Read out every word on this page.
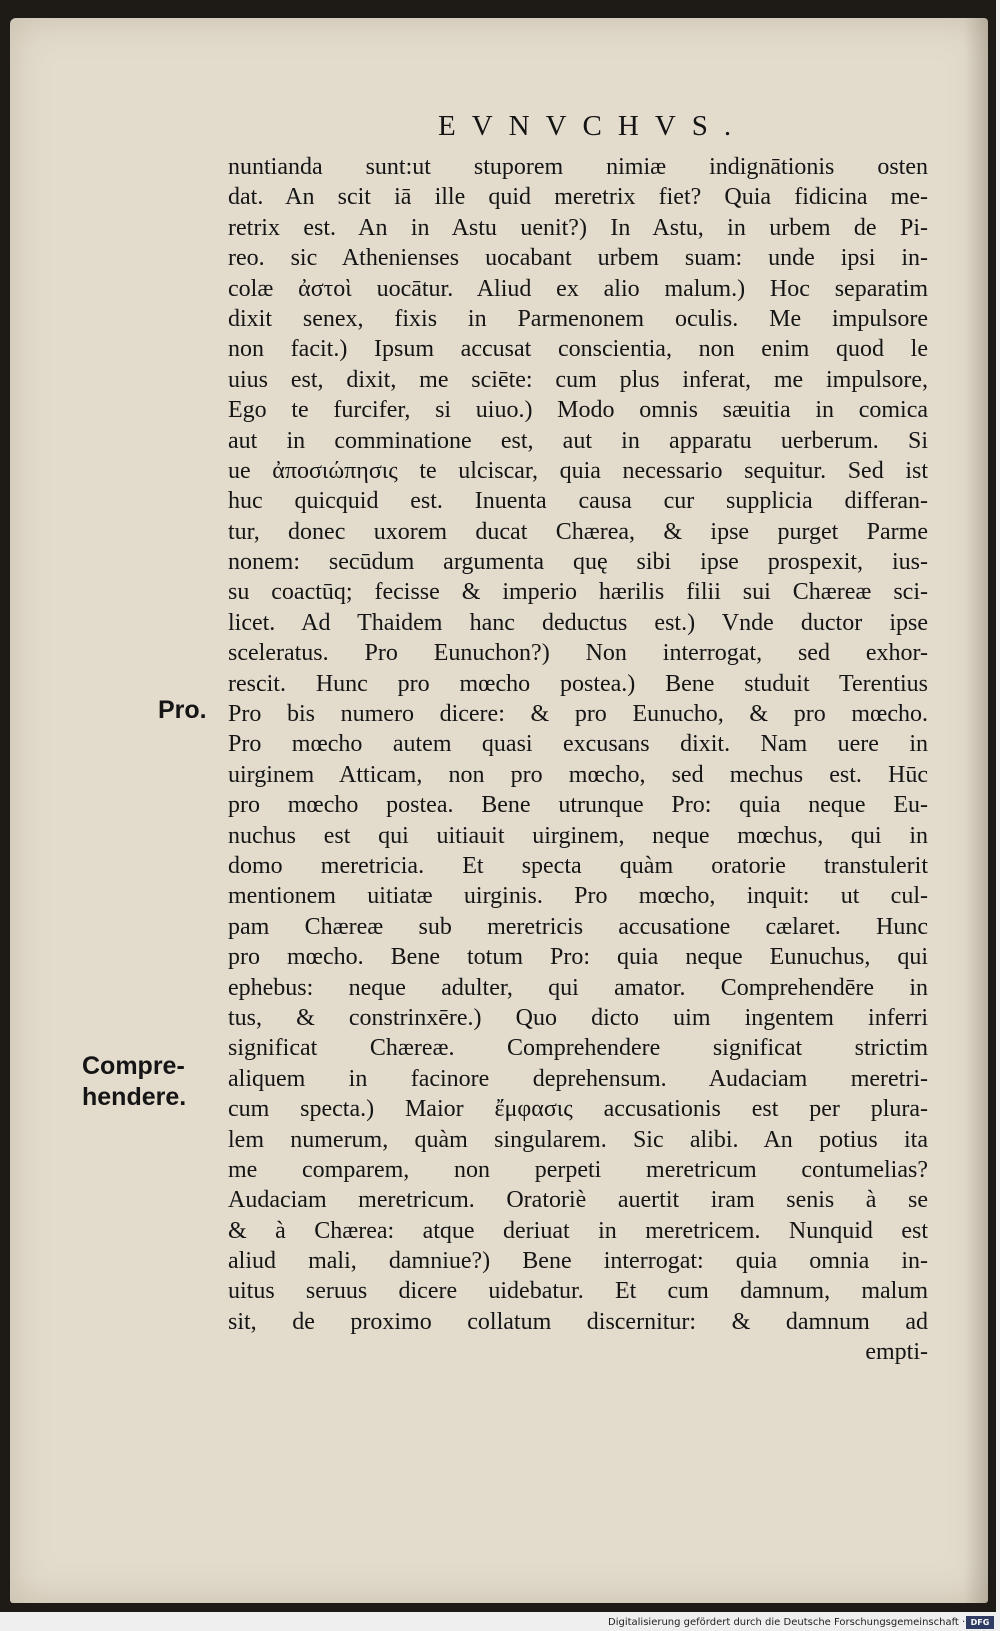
EVNVCHVS.
Pro.
Compre-
hendere.
nuntianda sunt:ut stuporem nimiæ indignātionis osten
dat. An scit iā ille quid meretrix fiet? Quia fidicina me-
retrix est. An in Astu uenit?) In Astu, in urbem de Pi-
reo. sic Athenienses uocabant urbem suam: unde ipsi in-
colæ ἀστοὶ uocātur. Aliud ex alio malum.) Hoc separatim
dixit senex, fixis in Parmenonem oculis. Me impulsore
non facit.) Ipsum accusat conscientia, non enim quod le
uius est, dixit, me sciēte: cum plus inferat, me impulsore,
Ego te furcifer, si uiuo.) Modo omnis sæuitia in comica
aut in comminatione est, aut in apparatu uerberum. Si
ue ἀποσιώπησις te ulciscar, quia necessario sequitur. Sed ist
huc quicquid est. Inuenta causa cur supplicia differan-
tur, donec uxorem ducat Chærea, & ipse purget Parme
nonem: secūdum argumenta quę sibi ipse prospexit, ius-
su coactūq; fecisse & imperio hærilis filii sui Chæreæ sci-
licet. Ad Thaidem hanc deductus est.) Vnde ductor ipse
sceleratus. Pro Eunuchon?) Non interrogat, sed exhor-
rescit. Hunc pro mœcho postea.) Bene studuit Terentius
Pro bis numero dicere: & pro Eunucho, & pro mœcho.
Pro mœcho autem quasi excusans dixit. Nam uere in
uirginem Atticam, non pro mœcho, sed mechus est. Hūc
pro mœcho postea. Bene utrunque Pro: quia neque Eu-
nuchus est qui uitiauit uirginem, neque mœchus, qui in
domo meretricia. Et specta quàm oratorie transtulerit
mentionem uitiatæ uirginis. Pro mœcho, inquit: ut cul-
pam Chæreæ sub meretricis accusatione cælaret. Hunc
pro mœcho. Bene totum Pro: quia neque Eunuchus, qui
ephebus: neque adulter, qui amator. Comprehendēre in
tus, & constrinxēre.) Quo dicto uim ingentem inferri
significat Chæreæ. Comprehendere significat strictim
aliquem in facinore deprehensum. Audaciam meretri-
cum specta.) Maior ἔμφασις accusationis est per plura-
lem numerum, quàm singularem. Sic alibi. An potius ita
me comparem, non perpeti meretricum contumelias?
Audaciam meretricum. Oratoriè auertit iram senis à se
& à Chærea: atque deriuat in meretricem. Nunquid est
aliud mali, damniue?) Bene interrogat: quia omnia in-
uitus seruus dicere uidebatur. Et cum damnum, malum
sit, de proximo collatum discernitur: & damnum ad
empti-
Digitalisierung gefördert durch die Deutsche Forschungsgemeinschaft · DFG
